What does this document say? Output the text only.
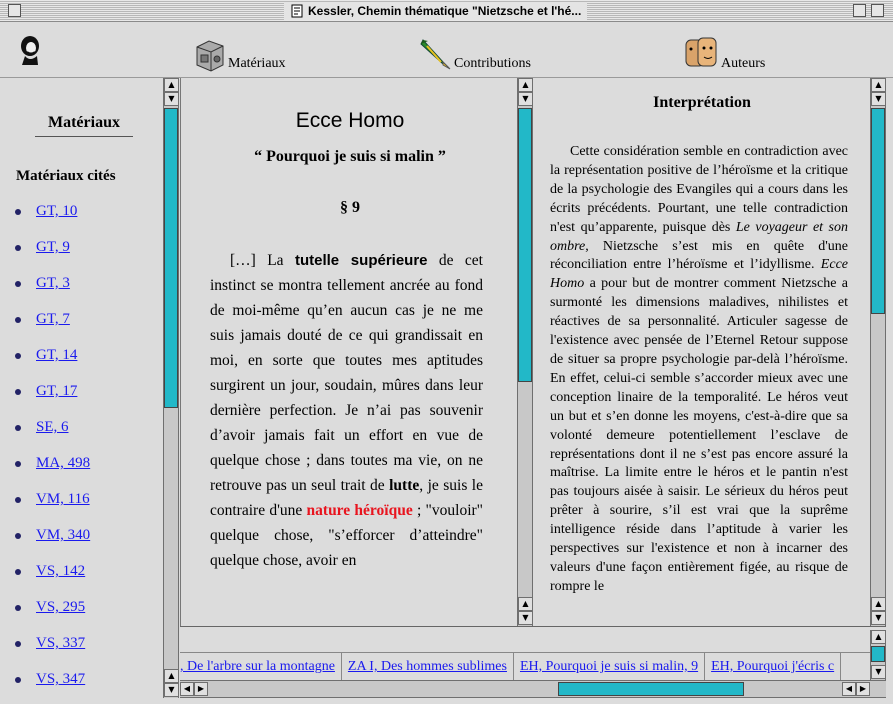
Kessler, Chemin thématique "Nietzsche et l'hé...
Matériaux	Contributions	Auteurs
Matériaux
Matériaux cités
GT, 10
GT, 9
GT, 3
GT, 7
GT, 14
GT, 17
SE, 6
MA, 498
VM, 116
VM, 340
VS, 142
VS, 295
VS, 337
VS, 347
▲
▼
▲
▼
Ecce Homo
“ Pourquoi je suis si malin ”
§ 9

[…] La tutelle supérieure de cet instinct se montra tellement ancrée au fond de moi-même qu’en aucun cas je ne me suis jamais douté de ce qui grandissait en moi, en sorte que toutes mes aptitudes surgirent un jour, soudain, mûres dans leur dernière perfection. Je n’ai pas souvenir d’avoir jamais fait un effort en vue de quelque chose ; dans toutes ma vie, on ne retrouve pas un seul trait de lutte, je suis le contraire d'une nature héroïque ; "vouloir" quelque chose, "s’efforcer d’atteindre" quelque chose, avoir en

▲
▼
▲
▼
Interprétation

Cette considération semble en contradiction avec la représentation positive de l’héroïsme et la critique de la psychologie des Evangiles qui a cours dans les écrits précédents. Pourtant, une telle contradiction n'est qu’apparente, puisque dès Le voyageur et son ombre, Nietzsche s’est mis en quête d'une réconciliation entre l’héroïsme et l’idyllisme. Ecce Homo a pour but de montrer comment Nietzsche a surmonté les dimensions maladives, nihilistes et réactives de sa personnalité. Articuler sagesse de l'existence avec pensée de l’Eternel Retour suppose de situer sa propre psychologie par-delà l’héroïsme. En effet, celui-ci semble s’accorder mieux avec une conception linaire de la temporalité. Le héros veut un but et s’en donne les moyens, c'est-à-dire que sa volonté demeure potentiellement l’esclave de représentations dont il ne s’est pas encore assuré la maîtrise. La limite entre le héros et le pantin n'est pas toujours aisée à saisir. Le sérieux du héros peut prêter à sourire, s’il est vrai que la suprême intelligence réside dans l’aptitude à varier les perspectives sur l'existence et non à incarner des valeurs d'une façon entièrement figée, au risque de rompre le

▲
▼
▲
▼
, De l'arbre sur la montagne ZA I, Des hommes sublimes EH, Pourquoi je suis si malin, 9 EH, Pourquoi j'écris c
▲
▼
◀ ▶	◀ ▶
